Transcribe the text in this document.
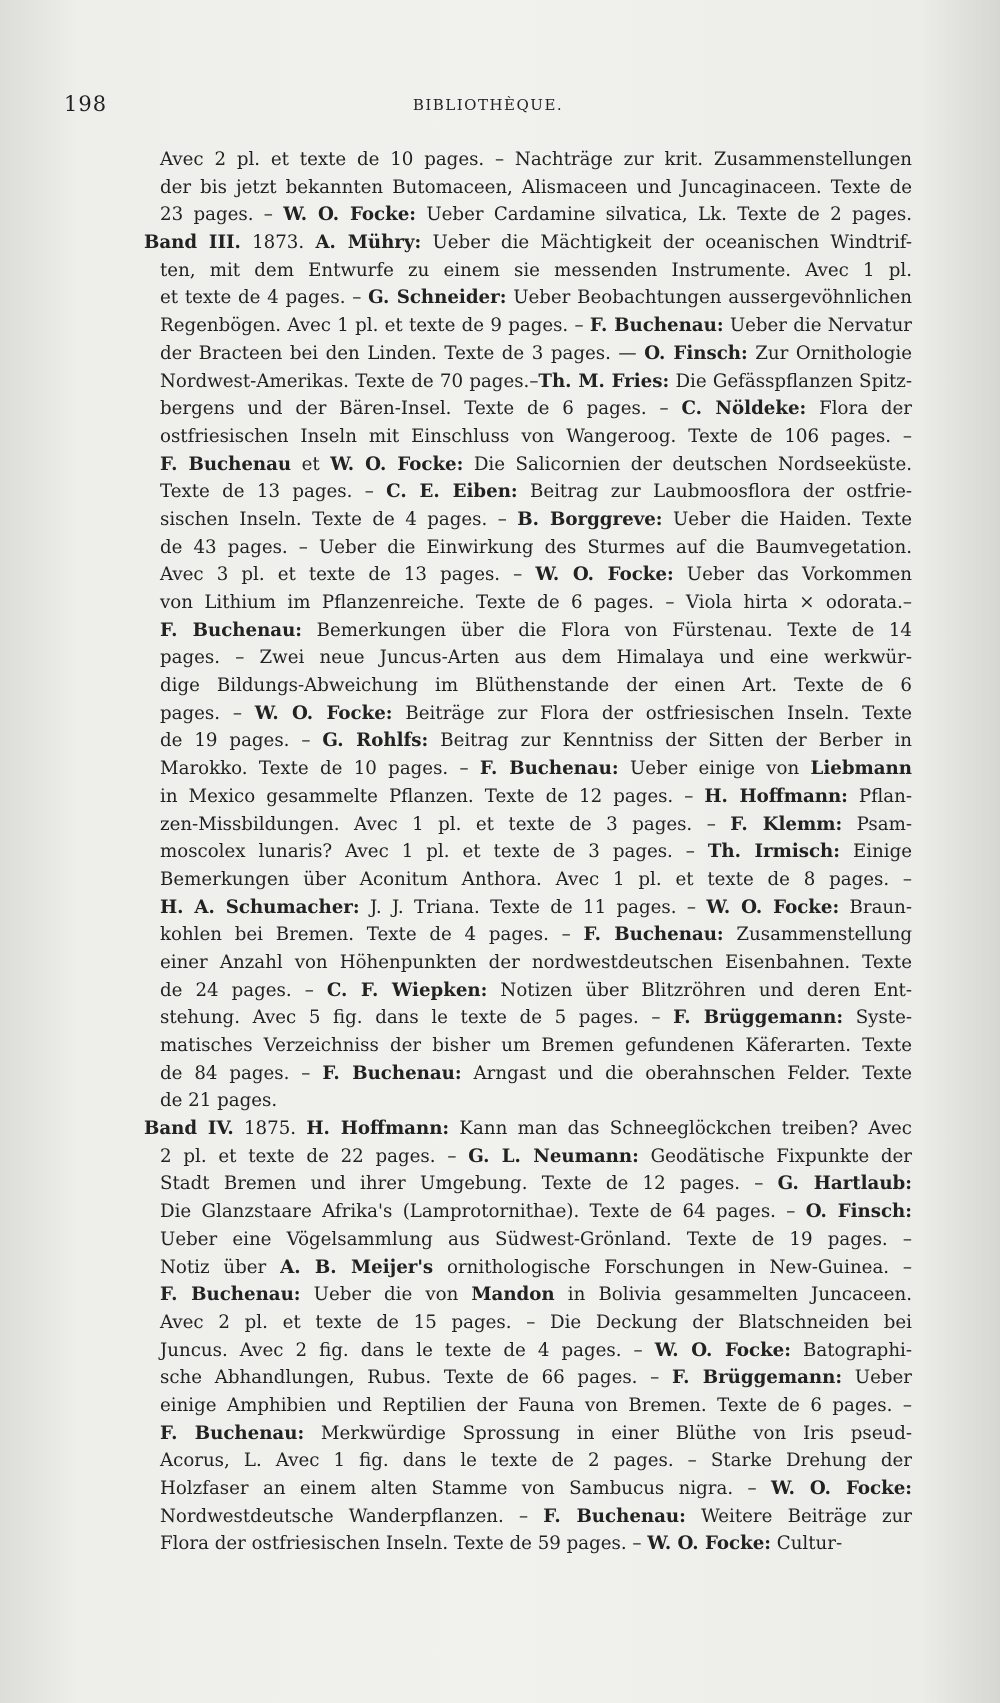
198	BIBLIOTHÈQUE.
Avec 2 pl. et texte de 10 pages. – Nachträge zur krit. Zusammenstellungen
der bis jetzt bekannten Butomaceen, Alismaceen und Juncaginaceen. Texte de
23 pages. – W. O. Focke: Ueber Cardamine silvatica, Lk. Texte de 2 pages.
Band III. 1873. A. Mühry: Ueber die Mächtigkeit der oceanischen Windtrif-
ten, mit dem Entwurfe zu einem sie messenden Instrumente. Avec 1 pl.
et texte de 4 pages. – G. Schneider: Ueber Beobachtungen aussergevöhnlichen
Regenbögen. Avec 1 pl. et texte de 9 pages. – F. Buchenau: Ueber die Nervatur
der Bracteen bei den Linden. Texte de 3 pages. — O. Finsch: Zur Ornithologie
Nordwest-Amerikas. Texte de 70 pages.–Th. M. Fries: Die Gefässpflanzen Spitz-
bergens und der Bären-Insel. Texte de 6 pages. – C. Nöldeke: Flora der
ostfriesischen Inseln mit Einschluss von Wangeroog. Texte de 106 pages. –
F. Buchenau et W. O. Focke: Die Salicornien der deutschen Nordseeküste.
Texte de 13 pages. – C. E. Eiben: Beitrag zur Laubmoosflora der ostfrie-
sischen Inseln. Texte de 4 pages. – B. Borggreve: Ueber die Haiden. Texte
de 43 pages. – Ueber die Einwirkung des Sturmes auf die Baumvegetation.
Avec 3 pl. et texte de 13 pages. – W. O. Focke: Ueber das Vorkommen
von Lithium im Pflanzenreiche. Texte de 6 pages. – Viola hirta × odorata.–
F. Buchenau: Bemerkungen über die Flora von Fürstenau. Texte de 14
pages. – Zwei neue Juncus-Arten aus dem Himalaya und eine werkwür-
dige Bildungs-Abweichung im Blüthenstande der einen Art. Texte de 6
pages. – W. O. Focke: Beiträge zur Flora der ostfriesischen Inseln. Texte
de 19 pages. – G. Rohlfs: Beitrag zur Kenntniss der Sitten der Berber in
Marokko. Texte de 10 pages. – F. Buchenau: Ueber einige von Liebmann
in Mexico gesammelte Pflanzen. Texte de 12 pages. – H. Hoffmann: Pflan-
zen-Missbildungen. Avec 1 pl. et texte de 3 pages. – F. Klemm: Psam-
moscolex lunaris? Avec 1 pl. et texte de 3 pages. – Th. Irmisch: Einige
Bemerkungen über Aconitum Anthora. Avec 1 pl. et texte de 8 pages. –
H. A. Schumacher: J. J. Triana. Texte de 11 pages. – W. O. Focke: Braun-
kohlen bei Bremen. Texte de 4 pages. – F. Buchenau: Zusammenstellung
einer Anzahl von Höhenpunkten der nordwestdeutschen Eisenbahnen. Texte
de 24 pages. – C. F. Wiepken: Notizen über Blitzröhren und deren Ent-
stehung. Avec 5 fig. dans le texte de 5 pages. – F. Brüggemann: Syste-
matisches Verzeichniss der bisher um Bremen gefundenen Käferarten. Texte
de 84 pages. – F. Buchenau: Arngast und die oberahnschen Felder. Texte
de 21 pages.
Band IV. 1875. H. Hoffmann: Kann man das Schneeglöckchen treiben? Avec
2 pl. et texte de 22 pages. – G. L. Neumann: Geodätische Fixpunkte der
Stadt Bremen und ihrer Umgebung. Texte de 12 pages. – G. Hartlaub:
Die Glanzstaare Afrika's (Lamprotornithae). Texte de 64 pages. – O. Finsch:
Ueber eine Vögelsammlung aus Südwest-Grönland. Texte de 19 pages. –
Notiz über A. B. Meijer's ornithologische Forschungen in New-Guinea. –
F. Buchenau: Ueber die von Mandon in Bolivia gesammelten Juncaceen.
Avec 2 pl. et texte de 15 pages. – Die Deckung der Blatschneiden bei
Juncus. Avec 2 fig. dans le texte de 4 pages. – W. O. Focke: Batographi-
sche Abhandlungen, Rubus. Texte de 66 pages. – F. Brüggemann: Ueber
einige Amphibien und Reptilien der Fauna von Bremen. Texte de 6 pages. –
F. Buchenau: Merkwürdige Sprossung in einer Blüthe von Iris pseud-
Acorus, L. Avec 1 fig. dans le texte de 2 pages. – Starke Drehung der
Holzfaser an einem alten Stamme von Sambucus nigra. – W. O. Focke:
Nordwestdeutsche Wanderpflanzen. – F. Buchenau: Weitere Beiträge zur
Flora der ostfriesischen Inseln. Texte de 59 pages. – W. O. Focke: Cultur-
